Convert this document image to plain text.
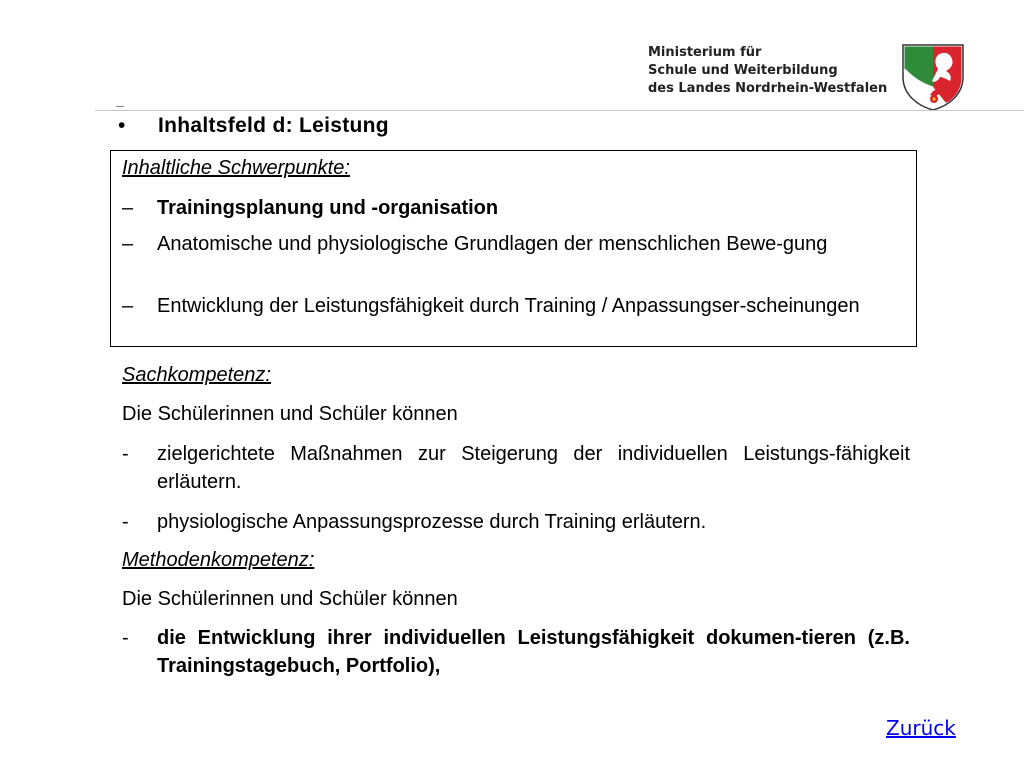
Ministerium für
Schule und Weiterbildung
des Landes Nordrhein-Westfalen
• Inhaltsfeld d: Leistung
Inhaltliche Schwerpunkte:
– Trainingsplanung und -organisation
– Anatomische und physiologische Grundlagen der menschlichen Bewe-gung
– Entwicklung der Leistungsfähigkeit durch Training / Anpassungser-scheinungen
Sachkompetenz:
Die Schülerinnen und Schüler können
- zielgerichtete Maßnahmen zur Steigerung der individuellen Leistungs-fähigkeit erläutern.
- physiologische Anpassungsprozesse durch Training erläutern.
Methodenkompetenz:
Die Schülerinnen und Schüler können
- die Entwicklung ihrer individuellen Leistungsfähigkeit dokumen-tieren (z.B. Trainingstagebuch, Portfolio),
Zurück
